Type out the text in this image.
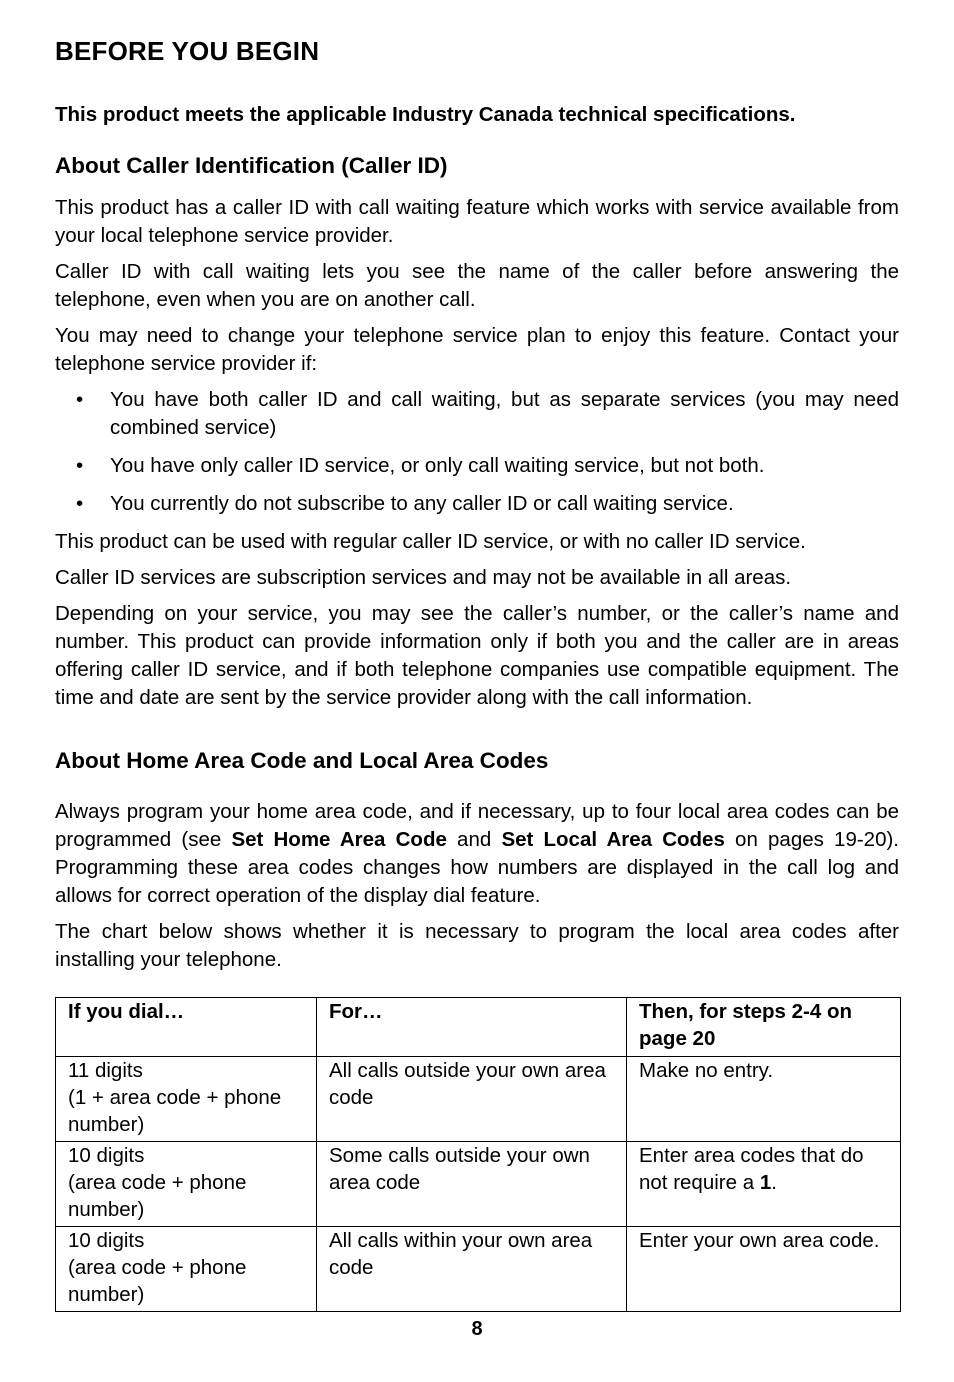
BEFORE YOU BEGIN
This product meets the applicable Industry Canada technical specifications.
About Caller Identification (Caller ID)

This product has a caller ID with call waiting feature which works with service available from your local telephone service provider.

Caller ID with call waiting lets you see the name of the caller before answering the telephone, even when you are on another call.

You may need to change your telephone service plan to enjoy this feature. Contact your telephone service provider if:

• You have both caller ID and call waiting, but as separate services (you may need combined service)
• You have only caller ID service, or only call waiting service, but not both.
• You currently do not subscribe to any caller ID or call waiting service.

This product can be used with regular caller ID service, or with no caller ID service.

Caller ID services are subscription services and may not be available in all areas.

Depending on your service, you may see the caller’s number, or the caller’s name and number. This product can provide information only if both you and the caller are in areas offering caller ID service, and if both telephone companies use compatible equipment. The time and date are sent by the service provider along with the call information.

About Home Area Code and Local Area Codes

Always program your home area code, and if necessary, up to four local area codes can be programmed (see Set Home Area Code and Set Local Area Codes on pages 19-20). Programming these area codes changes how numbers are displayed in the call log and allows for correct operation of the display dial feature.

The chart below shows whether it is necessary to program the local area codes after installing your telephone.

If you dial…	For…	Then, for steps 2-4 on page 20

11 digits
(1 + area code + phone number)	All calls outside your own area code	Make no entry.

10 digits
(area code + phone number)	Some calls outside your own area code	Enter area codes that do not require a 1.

10 digits
(area code + phone number)	All calls within your own area code	Enter your own area code.
8
